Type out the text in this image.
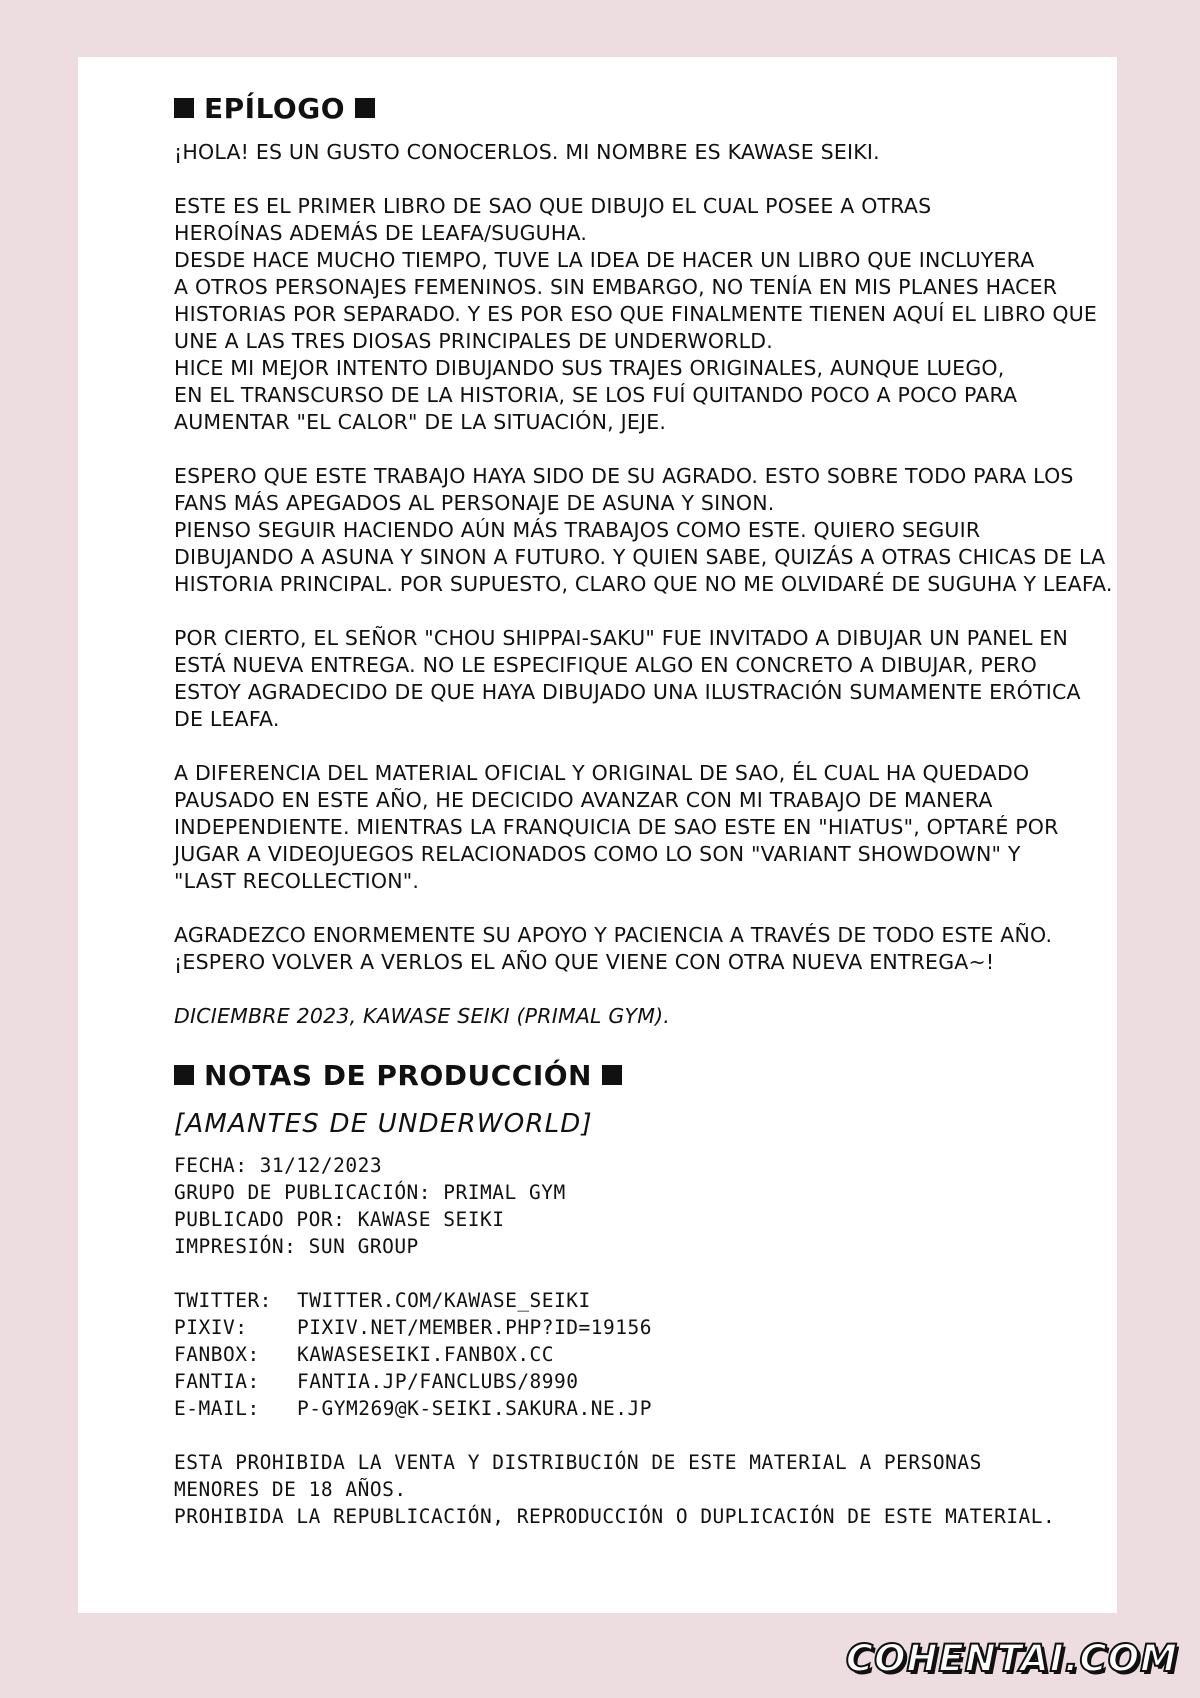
EPÍLOGO
¡HOLA! ES UN GUSTO CONOCERLOS. MI NOMBRE ES KAWASE SEIKI.
ESTE ES EL PRIMER LIBRO DE SAO QUE DIBUJO EL CUAL POSEE A OTRAS
HEROÍNAS ADEMÁS DE LEAFA/SUGUHA.
DESDE HACE MUCHO TIEMPO, TUVE LA IDEA DE HACER UN LIBRO QUE INCLUYERA
A OTROS PERSONAJES FEMENINOS. SIN EMBARGO, NO TENÍA EN MIS PLANES HACER
HISTORIAS POR SEPARADO. Y ES POR ESO QUE FINALMENTE TIENEN AQUÍ EL LIBRO QUE
UNE A LAS TRES DIOSAS PRINCIPALES DE UNDERWORLD.
HICE MI MEJOR INTENTO DIBUJANDO SUS TRAJES ORIGINALES, AUNQUE LUEGO,
EN EL TRANSCURSO DE LA HISTORIA, SE LOS FUÍ QUITANDO POCO A POCO PARA
AUMENTAR "EL CALOR" DE LA SITUACIÓN, JEJE.
ESPERO QUE ESTE TRABAJO HAYA SIDO DE SU AGRADO. ESTO SOBRE TODO PARA LOS
FANS MÁS APEGADOS AL PERSONAJE DE ASUNA Y SINON.
PIENSO SEGUIR HACIENDO AÚN MÁS TRABAJOS COMO ESTE. QUIERO SEGUIR
DIBUJANDO A ASUNA Y SINON A FUTURO. Y QUIEN SABE, QUIZÁS A OTRAS CHICAS DE LA
HISTORIA PRINCIPAL. POR SUPUESTO, CLARO QUE NO ME OLVIDARÉ DE SUGUHA Y LEAFA.
POR CIERTO, EL SEÑOR "CHOU SHIPPAI-SAKU" FUE INVITADO A DIBUJAR UN PANEL EN
ESTÁ NUEVA ENTREGA. NO LE ESPECIFIQUE ALGO EN CONCRETO A DIBUJAR, PERO
ESTOY AGRADECIDO DE QUE HAYA DIBUJADO UNA ILUSTRACIÓN SUMAMENTE ERÓTICA
DE LEAFA.
A DIFERENCIA DEL MATERIAL OFICIAL Y ORIGINAL DE SAO, ÉL CUAL HA QUEDADO
PAUSADO EN ESTE AÑO, HE DECICIDO AVANZAR CON MI TRABAJO DE MANERA
INDEPENDIENTE. MIENTRAS LA FRANQUICIA DE SAO ESTE EN "HIATUS", OPTARÉ POR
JUGAR A VIDEOJUEGOS RELACIONADOS COMO LO SON "VARIANT SHOWDOWN" Y
"LAST RECOLLECTION".
AGRADEZCO ENORMEMENTE SU APOYO Y PACIENCIA A TRAVÉS DE TODO ESTE AÑO.
¡ESPERO VOLVER A VERLOS EL AÑO QUE VIENE CON OTRA NUEVA ENTREGA~!
DICIEMBRE 2023, KAWASE SEIKI (PRIMAL GYM).
NOTAS DE PRODUCCIÓN
[AMANTES DE UNDERWORLD]
FECHA: 31/12/2023
GRUPO DE PUBLICACIÓN: PRIMAL GYM
PUBLICADO POR: KAWASE SEIKI
IMPRESIÓN: SUN GROUP
TWITTER:	TWITTER.COM/KAWASE_SEIKI
PIXIV:	PIXIV.NET/MEMBER.PHP?ID=19156
FANBOX:	KAWASESEIKI.FANBOX.CC
FANTIA:	FANTIA.JP/FANCLUBS/8990
E-MAIL:	P-GYM269@K-SEIKI.SAKURA.NE.JP
ESTA PROHIBIDA LA VENTA Y DISTRIBUCIÓN DE ESTE MATERIAL A PERSONAS
MENORES DE 18 AÑOS.
PROHIBIDA LA REPUBLICACIÓN, REPRODUCCIÓN O DUPLICACIÓN DE ESTE MATERIAL.
COHENTAI.COM
